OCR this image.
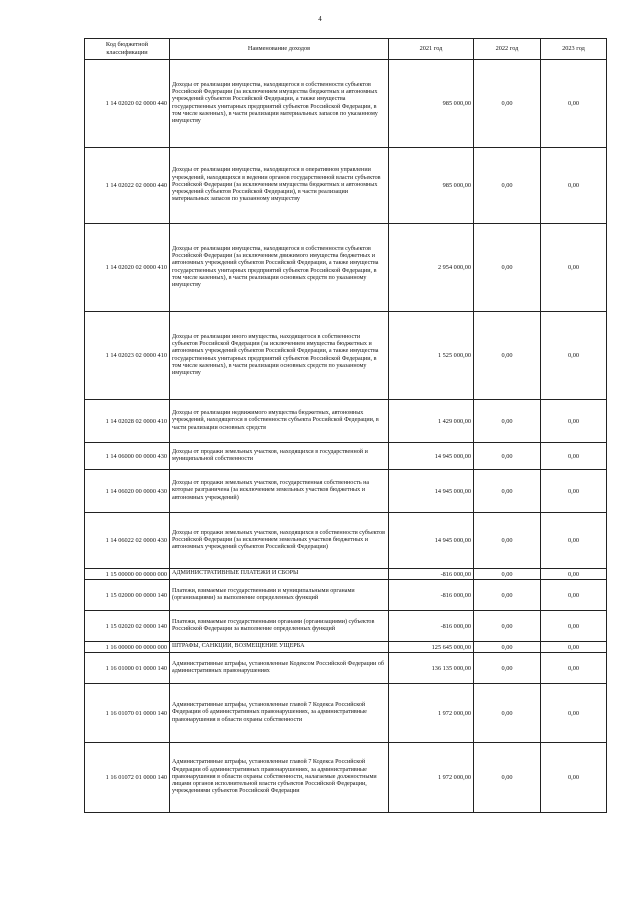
4
Код бюджетной классификации	Наименование доходов	2021 год	2022 год	2023 год
1 14 02020 02 0000 440	Доходы от реализации имущества, находящегося в собственности субъектов Российской Федерации (за исключением имущества бюджетных и автономных учреждений субъектов Российской Федерации, а также имущества государственных унитарных предприятий субъектов Российской Федерации, в том числе казенных), в части реализации материальных запасов по указанному имуществу	985 000,00	0,00	0,00
1 14 02022 02 0000 440	Доходы от реализации имущества, находящегося в оперативном управлении учреждений, находящихся в ведении органов государственной власти субъектов Российской Федерации (за исключением имущества бюджетных и автономных учреждений субъектов Российской Федерации), в части реализации материальных запасов по указанному имуществу	985 000,00	0,00	0,00
1 14 02020 02 0000 410	Доходы от реализации имущества, находящегося в собственности субъектов Российской Федерации (за исключением движимого имущества бюджетных и автономных учреждений субъектов Российской Федерации, а также имущества государственных унитарных предприятий субъектов Российской Федерации, в том числе казенных), в части реализации основных средств по указанному имуществу	2 954 000,00	0,00	0,00
1 14 02023 02 0000 410	Доходы от реализации иного имущества, находящегося в собственности субъектов Российской Федерации (за исключением имущества бюджетных и автономных учреждений субъектов Российской Федерации, а также имущества государственных унитарных предприятий субъектов Российской Федерации, в том числе казенных), в части реализации основных средств по указанному имуществу	1 525 000,00	0,00	0,00
1 14 02028 02 0000 410	Доходы от реализации недвижимого имущества бюджетных, автономных учреждений, находящегося в собственности субъекта Российской Федерации, в части реализации основных средств	1 429 000,00	0,00	0,00
1 14 06000 00 0000 430	Доходы от продажи земельных участков, находящихся в государственной и муниципальной собственности	14 945 000,00	0,00	0,00
1 14 06020 00 0000 430	Доходы от продажи земельных участков, государственная собственность на которые разграничена (за исключением земельных участков бюджетных и автономных учреждений)	14 945 000,00	0,00	0,00
1 14 06022 02 0000 430	Доходы от продажи земельных участков, находящихся в собственности субъектов Российской Федерации (за исключением земельных участков бюджетных и автономных учреждений субъектов Российской Федерации)	14 945 000,00	0,00	0,00
1 15 00000 00 0000 000	АДМИНИСТРАТИВНЫЕ ПЛАТЕЖИ И СБОРЫ	-816 000,00	0,00	0,00
1 15 02000 00 0000 140	Платежи, взимаемые государственными и муниципальными органами (организациями) за выполнение определенных функций	-816 000,00	0,00	0,00
1 15 02020 02 0000 140	Платежи, взимаемые государственными органами (организациями) субъектов Российской Федерации за выполнение определенных функций	-816 000,00	0,00	0,00
1 16 00000 00 0000 000	ШТРАФЫ, САНКЦИИ, ВОЗМЕЩЕНИЕ УЩЕРБА	125 645 000,00	0,00	0,00
1 16 01000 01 0000 140	Административные штрафы, установленные Кодексом Российской Федерации об административных правонарушениях	136 135 000,00	0,00	0,00
1 16 01070 01 0000 140	Административные штрафы, установленные главой 7 Кодекса Российской Федерации об административных правонарушениях, за административные правонарушения в области охраны собственности	1 972 000,00	0,00	0,00
1 16 01072 01 0000 140	Административные штрафы, установленные главой 7 Кодекса Российской Федерации об административных правонарушениях, за административные правонарушения в области охраны собственности, налагаемые должностными лицами органов исполнительной власти субъектов Российской Федерации, учреждениями субъектов Российской Федерации	1 972 000,00	0,00	0,00
